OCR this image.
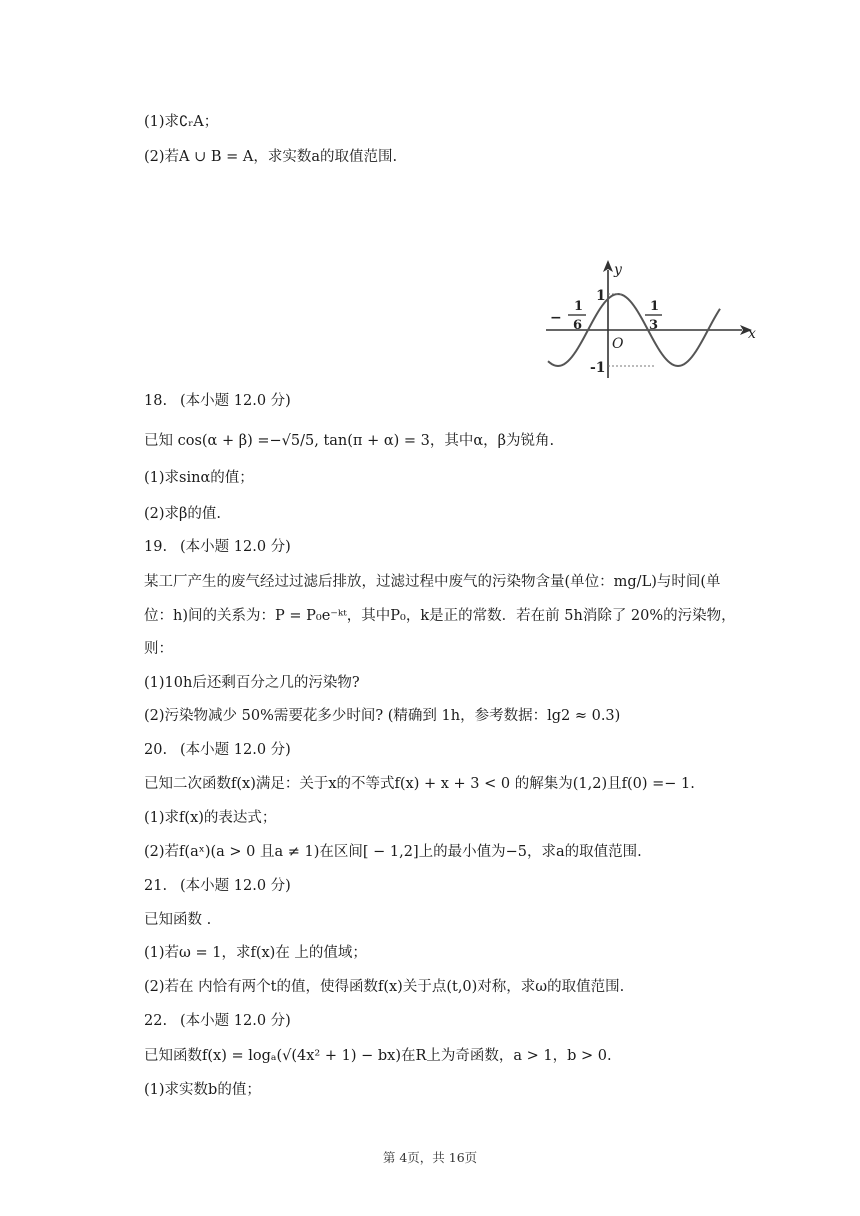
(1)求∁ᵣA；
(2)若A ∪ B = A，求实数a的取值范围.
y
x
O
1
-1
−
1
6
1
3
18. (本小题 12.0 分)
已知 cos(α + β) =−√5/5, tan(π + α) = 3，其中α，β为锐角.
(1)求sinα的值；
(2)求β的值.
19. (本小题 12.0 分)
某工厂产生的废气经过过滤后排放，过滤过程中废气的污染物含量(单位：mg/L)与时间(单
位：h)间的关系为：P = P₀e⁻ᵏᵗ，其中P₀，k是正的常数．若在前 5h消除了 20%的污染物，
则：
(1)10h后还剩百分之几的污染物?
(2)污染物减少 50%需要花多少时间? (精确到 1h，参考数据：lg2 ≈ 0.3)
20. (本小题 12.0 分)
已知二次函数f(x)满足：关于x的不等式f(x) + x + 3 < 0 的解集为(1,2)且f(0) =− 1.
(1)求f(x)的表达式；
(2)若f(aˣ)(a > 0 且a ≠ 1)在区间[ − 1,2]上的最小值为−5，求a的取值范围.
21. (本小题 12.0 分)
已知函数 .
(1)若ω = 1，求f(x)在 上的值域；
(2)若在 内恰有两个t的值，使得函数f(x)关于点(t,0)对称，求ω的取值范围.
22. (本小题 12.0 分)
已知函数f(x) = logₐ(√(4x² + 1) − bx)在R上为奇函数，a > 1，b > 0.
(1)求实数b的值；
第 4页，共 16页
